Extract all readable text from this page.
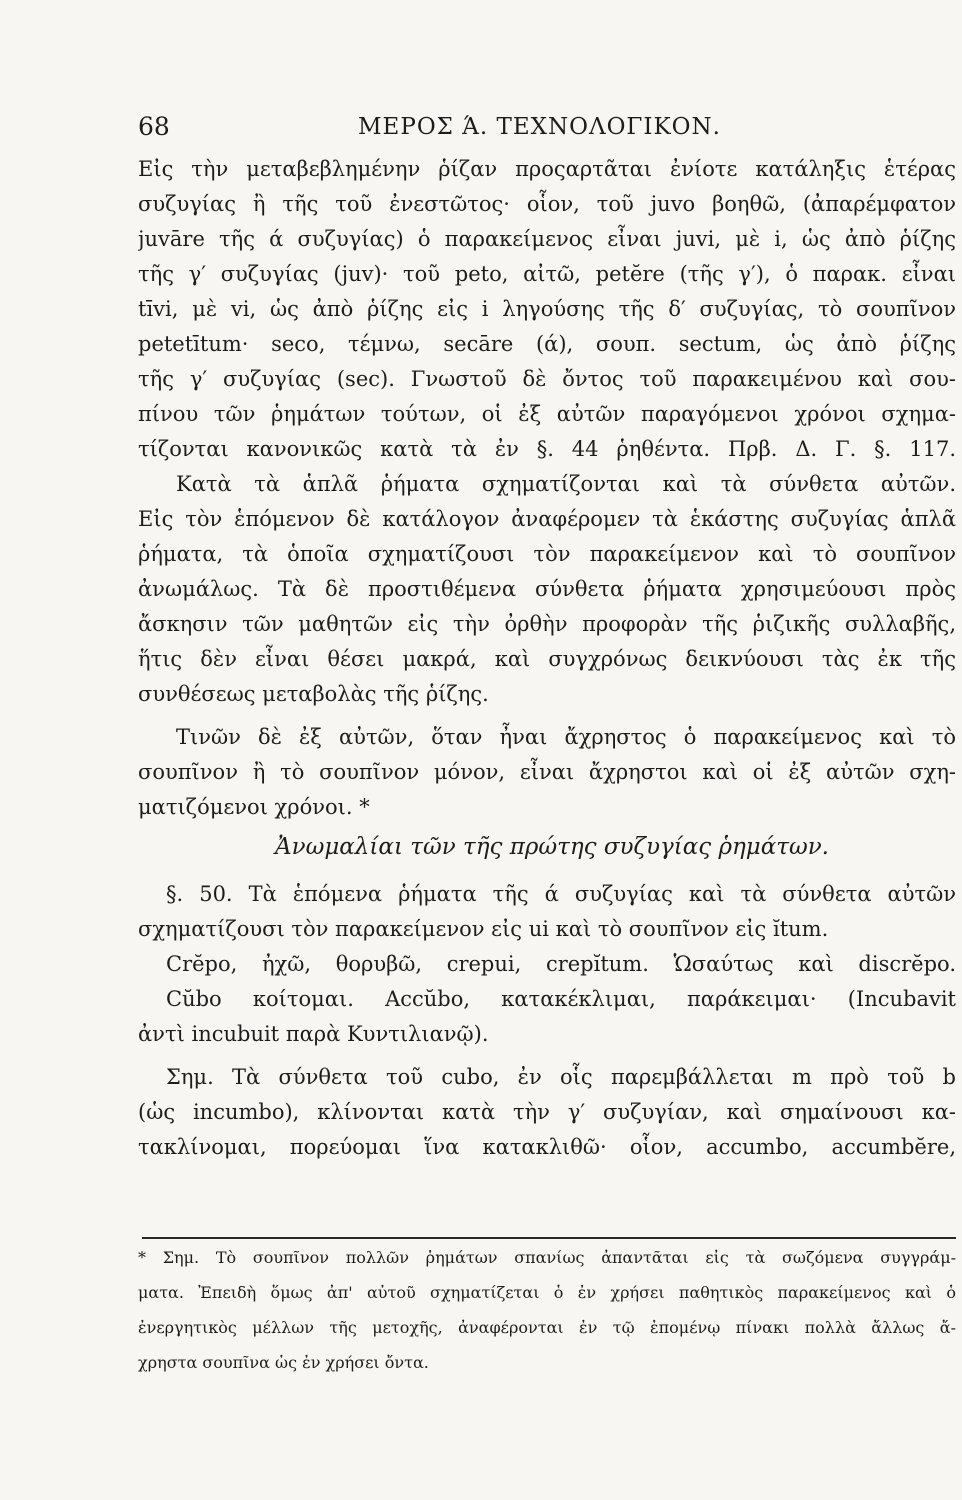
68	ΜΕΡΟΣ Ά. ΤΕΧΝΟΛΟΓΙΚΟΝ.
Εἰς τὴν μεταβεβλημένην ῥίζαν προςαρτᾶται ἐνίοτε κατάληξις ἑτέρας
συζυγίας ἢ τῆς τοῦ ἐνεστῶτος· οἷον, τοῦ juvo βοηθῶ, (ἀπαρέμφατον
juvāre τῆς ά συζυγίας) ὁ παρακείμενος εἶναι juvi, μὲ i, ὡς ἀπὸ ῥίζης
τῆς γ′ συζυγίας (juv)· τοῦ peto, αἰτῶ, petĕre (τῆς γ′), ὁ παρακ. εἶναι
tīvi, μὲ vi, ὡς ἀπὸ ῥίζης εἰς i ληγούσης τῆς δ′ συζυγίας, τὸ σουπῖνον
petetītum· seco, τέμνω, secāre (ά), σουπ. sectum, ὡς ἀπὸ ῥίζης
τῆς γ′ συζυγίας (sec). Γνωστοῦ δὲ ὄντος τοῦ παρακειμένου καὶ σου-
πίνου τῶν ῥημάτων τούτων, οἱ ἐξ αὐτῶν παραγόμενοι χρόνοι σχημα-
τίζονται κανονικῶς κατὰ τὰ ἐν §. 44 ῥηθέντα. Πρβ. Δ. Γ. §. 117.
Κατὰ τὰ ἁπλᾶ ῥήματα σχηματίζονται καὶ τὰ σύνθετα αὐτῶν.
Εἰς τὸν ἑπόμενον δὲ κατάλογον ἀναφέρομεν τὰ ἑκάστης συζυγίας ἁπλᾶ
ῥήματα, τὰ ὁποῖα σχηματίζουσι τὸν παρακείμενον καὶ τὸ σουπῖνον
ἀνωμάλως. Τὰ δὲ προστιθέμενα σύνθετα ῥήματα χρησιμεύουσι πρὸς
ἄσκησιν τῶν μαθητῶν εἰς τὴν ὀρθὴν προφορὰν τῆς ῥιζικῆς συλλαβῆς,
ἥτις δὲν εἶναι θέσει μακρά, καὶ συγχρόνως δεικνύουσι τὰς ἐκ τῆς
συνθέσεως μεταβολὰς τῆς ῥίζης.
Τινῶν δὲ ἐξ αὐτῶν, ὅταν ἦναι ἄχρηστος ὁ παρακείμενος καὶ τὸ
σουπῖνον ἢ τὸ σουπῖνον μόνον, εἶναι ἄχρηστοι καὶ οἱ ἐξ αὐτῶν σχη-
ματιζόμενοι χρόνοι. *
Ἀνωμαλίαι τῶν τῆς πρώτης συζυγίας ῥημάτων.
§. 50. Τὰ ἑπόμενα ῥήματα τῆς ά συζυγίας καὶ τὰ σύνθετα αὐτῶν
σχηματίζουσι τὸν παρακείμενον εἰς ui καὶ τὸ σουπῖνον εἰς ĭtum.
Crĕpo, ἠχῶ, θορυβῶ, crepui, crepĭtum. Ὡσαύτως καὶ discrĕpo.
Cŭbo κοίτομαι. Accŭbo, κατακέκλιμαι, παράκειμαι· (Incubavit
ἀντὶ incubuit παρὰ Κυντιλιανῷ).
Σημ. Τὰ σύνθετα τοῦ cubo, ἐν οἷς παρεμβάλλεται m πρὸ τοῦ b
(ὡς incumbo), κλίνονται κατὰ τὴν γ′ συζυγίαν, καὶ σημαίνουσι κα-
τακλίνομαι, πορεύομαι ἵνα κατακλιθῶ· οἷον, accumbo, accumbĕre,
* Σημ. Τὸ σουπῖνον πολλῶν ῥημάτων σπανίως ἀπαντᾶται εἰς τὰ σωζόμενα συγγράμ-
ματα. Ἐπειδὴ ὅμως ἀπ' αὐτοῦ σχηματίζεται ὁ ἐν χρήσει παθητικὸς παρακείμενος καὶ ὁ
ἐνεργητικὸς μέλλων τῆς μετοχῆς, ἀναφέρονται ἐν τῷ ἑπομένῳ πίνακι πολλὰ ἄλλως ἄ-
χρηστα σουπῖνα ὡς ἐν χρήσει ὄντα.
